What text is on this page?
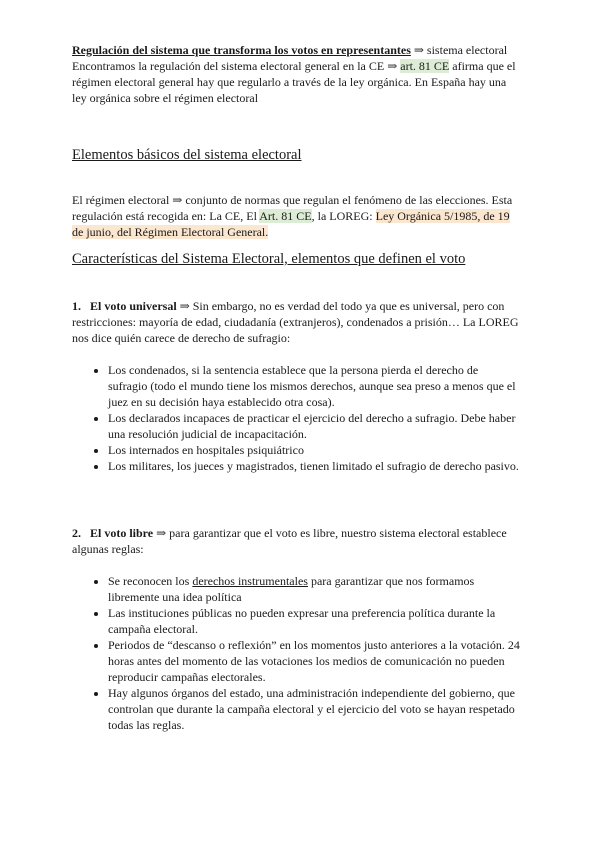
Regulación del sistema que transforma los votos en representantes ⇒ sistema electoral
Encontramos la regulación del sistema electoral general en la CE ⇒ art. 81 CE afirma que el régimen electoral general hay que regularlo a través de la ley orgánica. En España hay una ley orgánica sobre el régimen electoral

Elementos básicos del sistema electoral

El régimen electoral ⇒ conjunto de normas que regulan el fenómeno de las elecciones. Esta regulación está recogida en: La CE, El Art. 81 CE, la LOREG: Ley Orgánica 5/1985, de 19 de junio, del Régimen Electoral General.

Características del Sistema Electoral, elementos que definen el voto

1. El voto universal ⇒ Sin embargo, no es verdad del todo ya que es universal, pero con restricciones: mayoría de edad, ciudadanía (extranjeros), condenados a prisión… La LOREG nos dice quién carece de derecho de sufragio:

• Los condenados, si la sentencia establece que la persona pierda el derecho de sufragio (todo el mundo tiene los mismos derechos, aunque sea preso a menos que el juez en su decisión haya establecido otra cosa).
• Los declarados incapaces de practicar el ejercicio del derecho a sufragio. Debe haber una resolución judicial de incapacitación.
• Los internados en hospitales psiquiátrico
• Los militares, los jueces y magistrados, tienen limitado el sufragio de derecho pasivo.

2. El voto libre ⇒ para garantizar que el voto es libre, nuestro sistema electoral establece algunas reglas:

• Se reconocen los derechos instrumentales para garantizar que nos formamos libremente una idea política
• Las instituciones públicas no pueden expresar una preferencia política durante la campaña electoral.
• Periodos de “descanso o reflexión” en los momentos justo anteriores a la votación. 24 horas antes del momento de las votaciones los medios de comunicación no pueden reproducir campañas electorales.
• Hay algunos órganos del estado, una administración independiente del gobierno, que controlan que durante la campaña electoral y el ejercicio del voto se hayan respetado todas las reglas.
